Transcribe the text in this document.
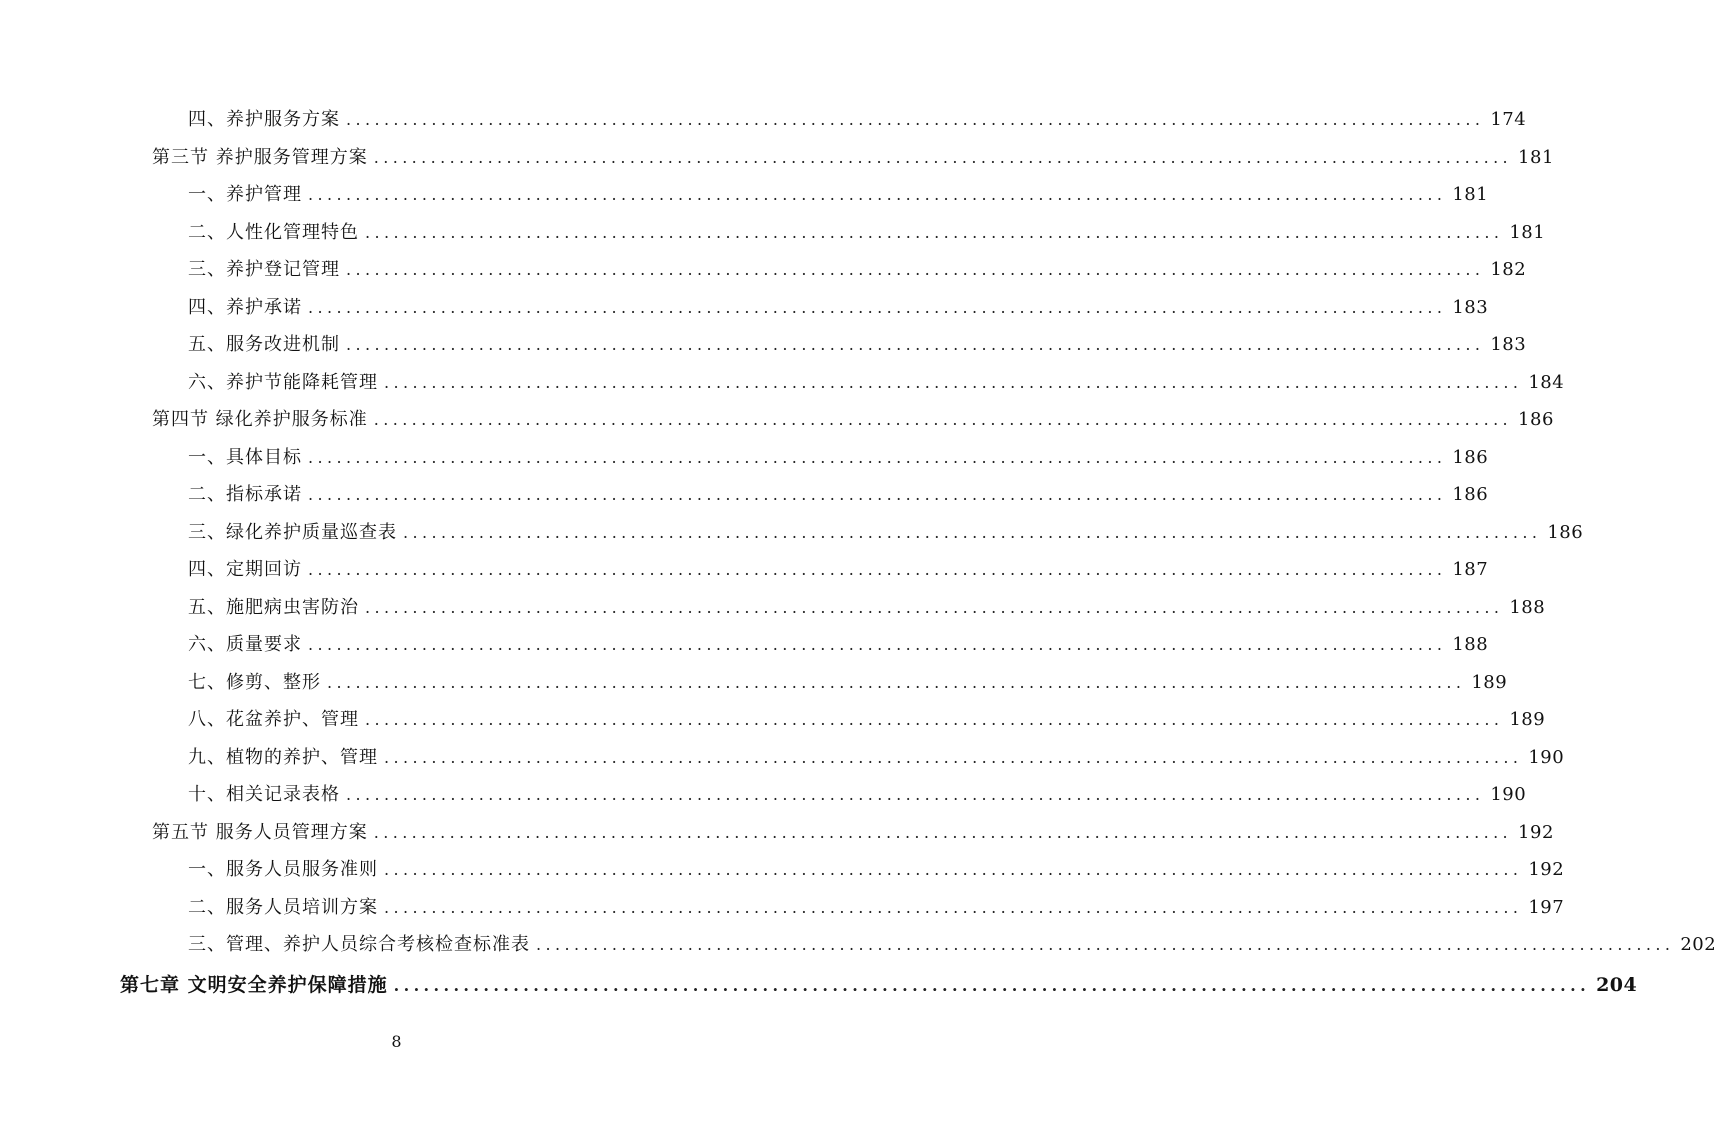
四、养护服务方案 ........................................................................................................................ 174
第三节 养护服务管理方案 ........................................................................................................................ 181
一、养护管理 ........................................................................................................................ 181
二、人性化管理特色 ........................................................................................................................ 181
三、养护登记管理 ........................................................................................................................ 182
四、养护承诺 ........................................................................................................................ 183
五、服务改进机制 ........................................................................................................................ 183
六、养护节能降耗管理 ........................................................................................................................ 184
第四节 绿化养护服务标准 ........................................................................................................................ 186
一、具体目标 ........................................................................................................................ 186
二、指标承诺 ........................................................................................................................ 186
三、绿化养护质量巡查表 ........................................................................................................................ 186
四、定期回访 ........................................................................................................................ 187
五、施肥病虫害防治 ........................................................................................................................ 188
六、质量要求 ........................................................................................................................ 188
七、修剪、整形 ........................................................................................................................ 189
八、花盆养护、管理 ........................................................................................................................ 189
九、植物的养护、管理 ........................................................................................................................ 190
十、相关记录表格 ........................................................................................................................ 190
第五节 服务人员管理方案 ........................................................................................................................ 192
一、服务人员服务准则 ........................................................................................................................ 192
二、服务人员培训方案 ........................................................................................................................ 197
三、管理、养护人员综合考核检查标准表 ........................................................................................................................ 202
第七章 文明安全养护保障措施 ........................................................................................................................ 204
8
